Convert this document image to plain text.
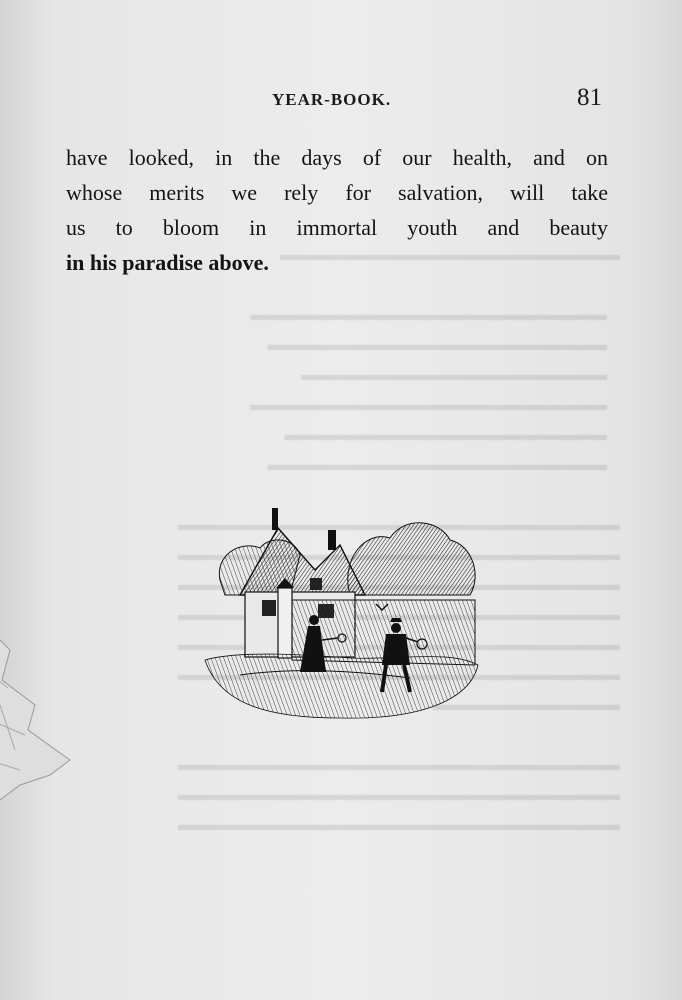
▬▬▬▬▬▬▬▬▬▬▬▬▬▬▬▬▬▬▬▬

▬▬▬▬▬▬▬▬▬▬▬▬▬▬▬▬▬▬▬▬▬
▬▬▬▬▬▬▬▬▬▬▬▬▬▬▬▬▬▬▬▬
▬▬▬▬▬▬▬▬▬▬▬▬▬▬▬▬▬▬
▬▬▬▬▬▬▬▬▬▬▬▬▬▬▬▬▬▬▬▬▬
▬▬▬▬▬▬▬▬▬▬▬▬▬▬▬▬▬▬▬
▬▬▬▬▬▬▬▬▬▬▬▬▬▬▬▬▬▬▬▬

▬▬▬▬▬▬▬▬▬▬▬▬▬▬▬▬▬▬▬▬▬▬▬▬▬▬
▬▬▬▬▬▬▬▬▬▬▬

▬▬▬▬▬▬▬▬▬▬▬▬▬▬▬▬▬▬▬▬▬▬▬▬▬▬
▬▬▬▬▬▬▬▬▬▬▬▬▬▬▬▬▬▬▬▬▬▬▬▬▬▬
▬▬▬▬▬▬▬▬▬▬▬▬▬▬▬▬▬▬▬▬▬▬▬▬▬▬
YEAR-BOOK.	81
have looked, in the days of our health, and on
whose merits we rely for salvation, will take
us to bloom in immortal youth and beauty
in his paradise above.
